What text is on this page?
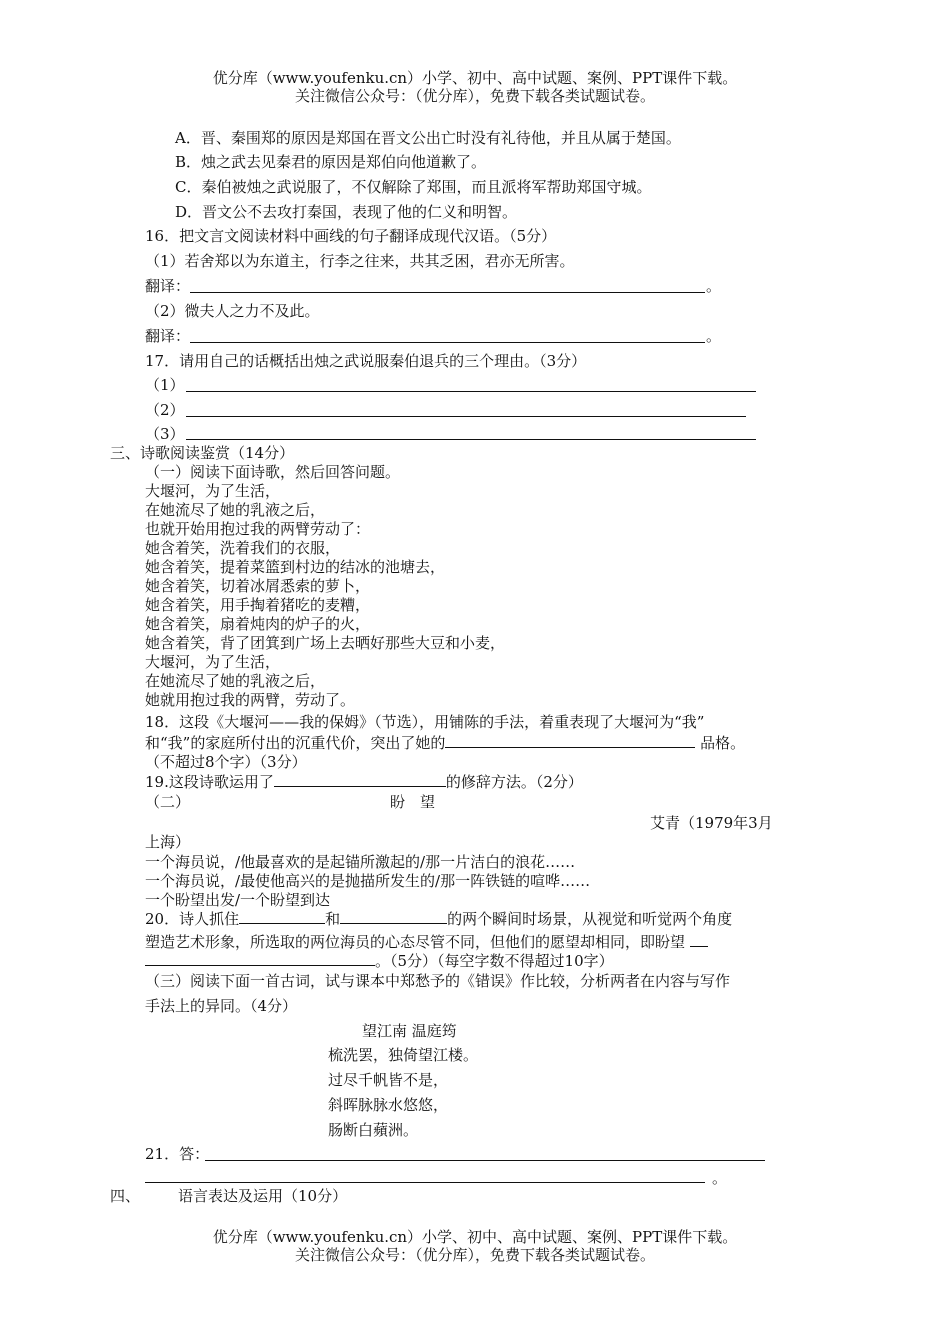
优分库（www.youfenku.cn）小学、初中、高中试题、案例、PPT课件下载。
关注微信公众号：（优分库），免费下载各类试题试卷。
A．晋、秦围郑的原因是郑国在晋文公出亡时没有礼待他，并且从属于楚国。
B．烛之武去见秦君的原因是郑伯向他道歉了。
C．秦伯被烛之武说服了，不仅解除了郑围，而且派将军帮助郑国守城。
D．晋文公不去攻打秦国，表现了他的仁义和明智。
16．把文言文阅读材料中画线的句子翻译成现代汉语。（5分）
（1）若舍郑以为东道主，行李之往来，共其乏困，君亦无所害。
翻译：	。
（2）微夫人之力不及此。
翻译：	。
17．请用自己的话概括出烛之武说服秦伯退兵的三个理由。（3分）
（1）
（2）
（3）
三、诗歌阅读鉴赏（14分）
（一）阅读下面诗歌，然后回答问题。
大堰河，为了生活，
在她流尽了她的乳液之后，
也就开始用抱过我的两臂劳动了：
她含着笑，洗着我们的衣服，
她含着笑，提着菜篮到村边的结冰的池塘去，
她含着笑，切着冰屑悉索的萝卜，
她含着笑，用手掏着猪吃的麦糟，
她含着笑，扇着炖肉的炉子的火，
她含着笑，背了团箕到广场上去晒好那些大豆和小麦，
大堰河，为了生活，
在她流尽了她的乳液之后，
她就用抱过我的两臂，劳动了。
18．这段《大堰河——我的保姆》（节选），用铺陈的手法，着重表现了大堰河为“我”
和“我”的家庭所付出的沉重代价，突出了她的	品格。
（不超过8个字）（3分）
19.这段诗歌运用了	的修辞方法。（2分）
（二）	盼　望
艾青（1979年3月
上海）
一个海员说，/他最喜欢的是起锚所激起的/那一片洁白的浪花……
一个海员说，/最使他高兴的是抛描所发生的/那一阵铁链的喧哗……
一个盼望出发/一个盼望到达
20．诗人抓住	和	的两个瞬间时场景，从视觉和听觉两个角度
塑造艺术形象，所选取的两位海员的心态尽管不同，但他们的愿望却相同，即盼望
。（5分）（每空字数不得超过10字）
（三）阅读下面一首古词，试与课本中郑愁予的《错误》作比较，分析两者在内容与写作
手法上的异同。（4分）
望江南 温庭筠
梳洗罢，独倚望江楼。
过尽千帆皆不是，
斜晖脉脉水悠悠，
肠断白蘋洲。
21．答：
。
四、	语言表达及运用（10分）
优分库（www.youfenku.cn）小学、初中、高中试题、案例、PPT课件下载。
关注微信公众号：（优分库），免费下载各类试题试卷。
